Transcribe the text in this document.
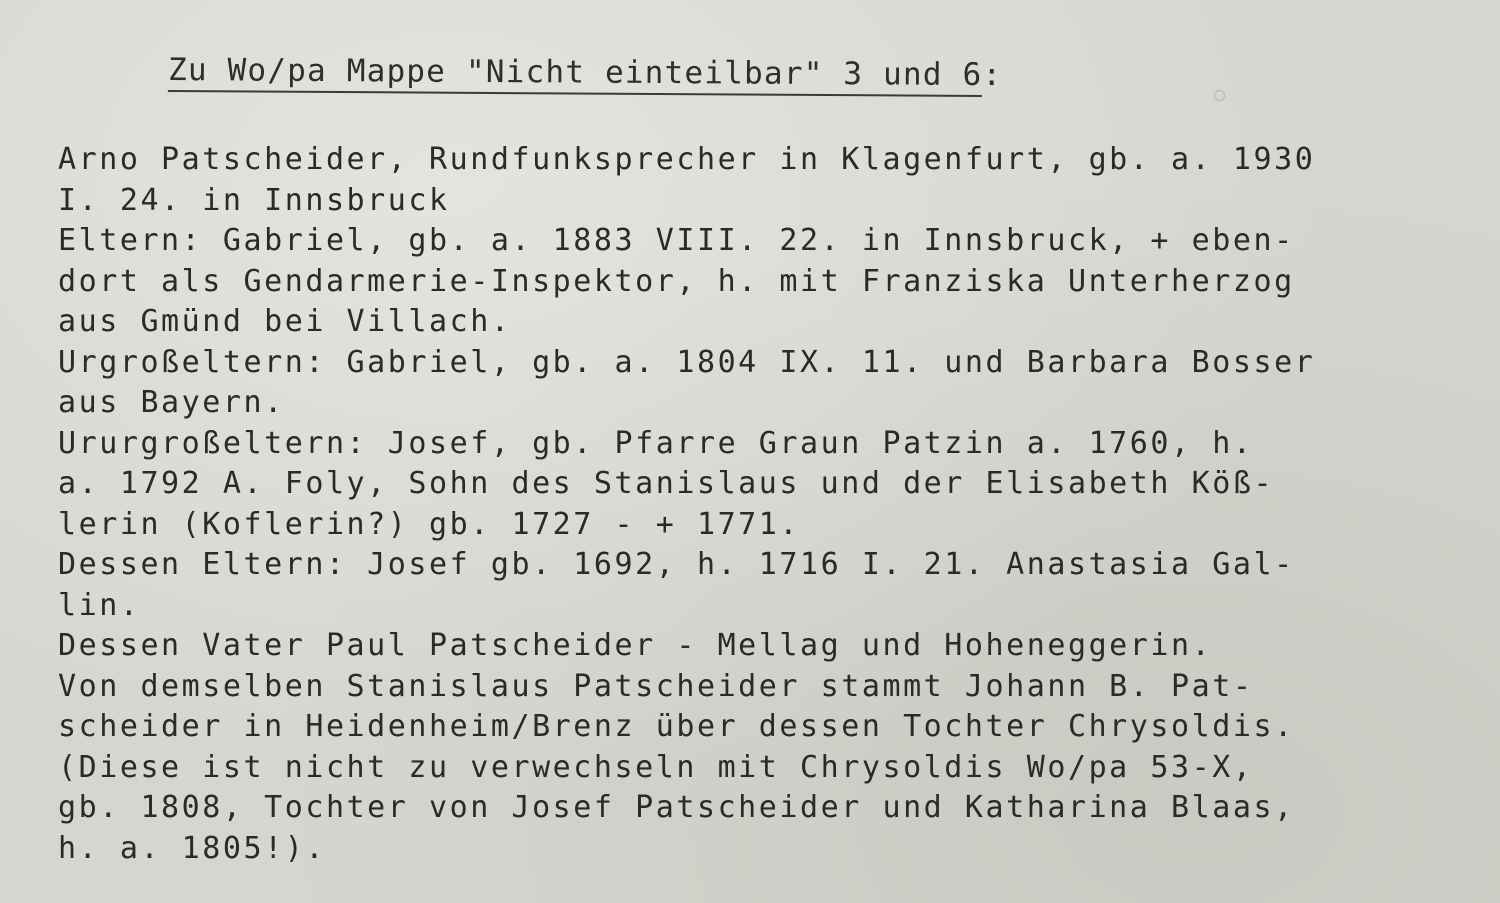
Zu Wo/pa Mappe "Nicht einteilbar" 3 und 6:
Arno Patscheider, Rundfunksprecher in Klagenfurt, gb. a. 1930
I. 24. in Innsbruck
Eltern: Gabriel, gb. a. 1883 VIII. 22. in Innsbruck, + eben-
dort als Gendarmerie-Inspektor, h. mit Franziska Unterherzog
aus Gmünd bei Villach.
Urgroßeltern: Gabriel, gb. a. 1804 IX. 11. und Barbara Bosser
aus Bayern.
Ururgroßeltern: Josef, gb. Pfarre Graun Patzin a. 1760, h.
a. 1792 A. Foly, Sohn des Stanislaus und der Elisabeth Köß-
lerin (Koflerin?) gb. 1727 - + 1771.
Dessen Eltern: Josef gb. 1692, h. 1716 I. 21. Anastasia Gal-
lin.
Dessen Vater Paul Patscheider - Mellag und Hoheneggerin.
Von demselben Stanislaus Patscheider stammt Johann B. Pat-
scheider in Heidenheim/Brenz über dessen Tochter Chrysoldis.
(Diese ist nicht zu verwechseln mit Chrysoldis Wo/pa 53-X,
gb. 1808, Tochter von Josef Patscheider und Katharina Blaas,
h. a. 1805!).
